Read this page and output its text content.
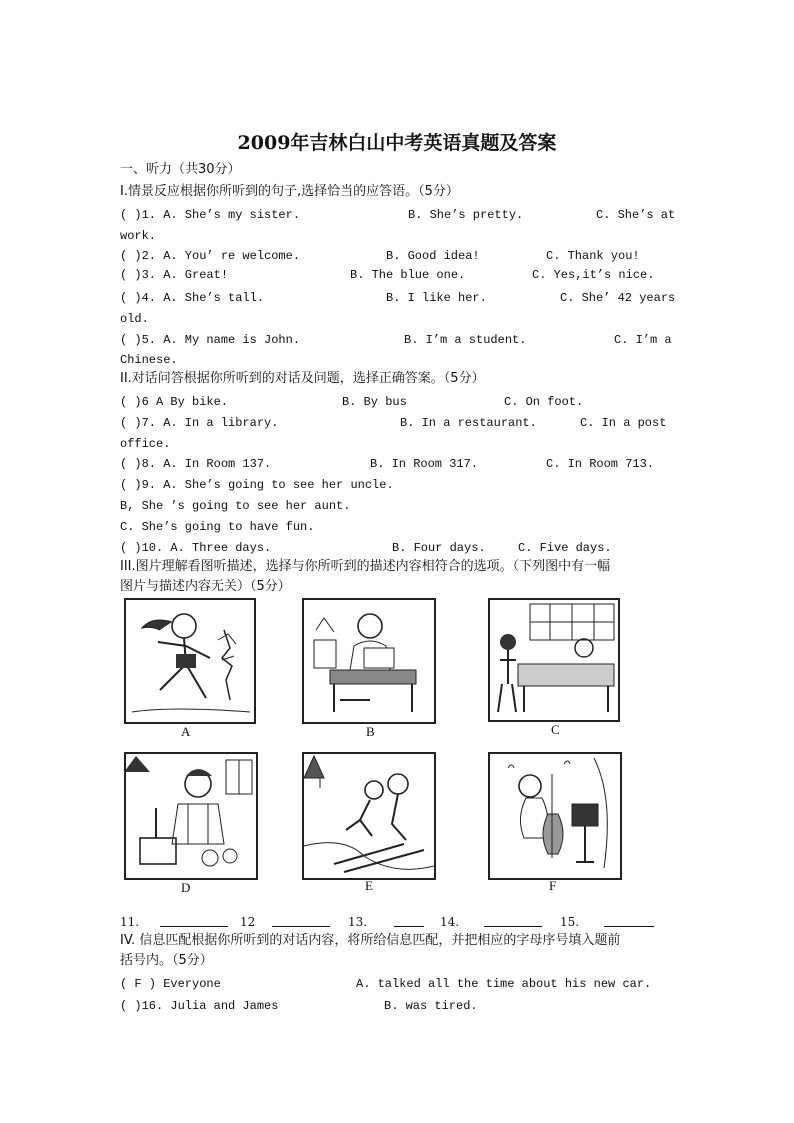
2009年吉林白山中考英语真题及答案
一、听力（共30分）
I.情景反应根据你所听到的句子,选择恰当的应答语。（5分）
( )1. A. She’s my sister.	B. She’s pretty.	C. She’s at
work.
( )2. A. You’ re welcome.	B. Good idea!	C. Thank you!
( )3. A. Great!	B. The blue one.	C. Yes,it’s nice.
( )4. A. She’s tall.	B. I like her.	C. She’ 42 years
old.
( )5. A. My name is John.	B. I’m a student.	C. I’m a
Chinese.
II.对话问答根据你所听到的对话及问题，选择正确答案。（5分）
( )6 A By bike.	B. By bus	C. On foot.
( )7. A. In a library.	B. In a restaurant.	C. In a post
office.
( )8. A. In Room 137.	B. In Room 317.	C. In Room 713.
( )9. A. She’s going to see her uncle.
B, She ’s going to see her aunt.
C. She’s going to have fun.
( )10. A. Three days.	B. Four days.	C. Five days.
III.图片理解看图听描述，选择与你所听到的描述内容相符合的选项。（下列图中有一幅
图片与描述内容无关）（5分）
A	B	C
D	E	F
11.	12	13.	14.	15.
IV. 信息匹配根据你所听到的对话内容，将所给信息匹配，并把相应的字母序号填入题前
括号内。（5分）
( F ) Everyone	A. talked all the time about his new car.
( )16. Julia and James	B. was tired.
